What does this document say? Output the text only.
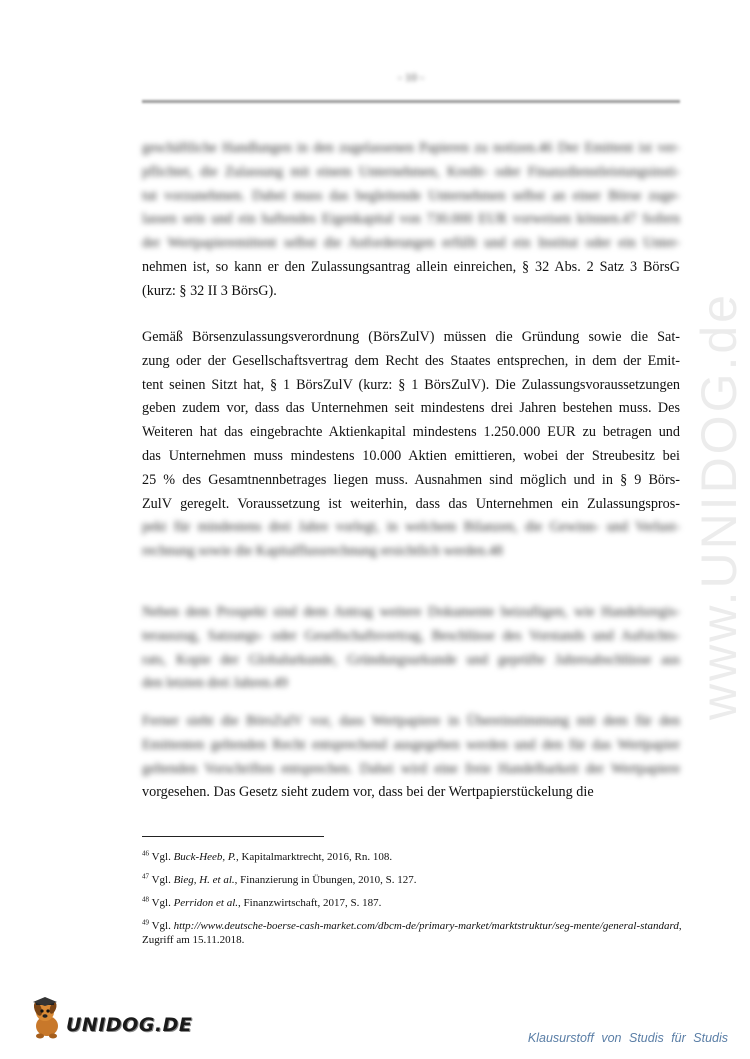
- 10 -
www.UNIDOG.de
geschäftliche Handlungen in den zugelassenen Papieren zu notizen.46 Der Emittent ist ver-
pflichtet, die Zulassung mit einem Unternehmen, Kredit- oder Finanzdienstleistungsinsti-
tut vorzunehmen. Dabei muss das begleitende Unternehmen selbst an einer Börse zuge-
lassen sein und ein haftendes Eigenkapital von 730.000 EUR vorweisen können.47 Sofern
der Wertpapieremittent selbst die Anforderungen erfüllt und ein Institut oder ein Unter-
nehmen ist, so kann er den Zulassungsantrag allein einreichen, § 32 Abs. 2 Satz 3 BörsG
(kurz: § 32 II 3 BörsG).
Gemäß Börsenzulassungsverordnung (BörsZulV) müssen die Gründung sowie die Sat-
zung oder der Gesellschaftsvertrag dem Recht des Staates entsprechen, in dem der Emit-
tent seinen Sitzt hat, § 1 BörsZulV (kurz: § 1 BörsZulV). Die Zulassungsvoraussetzungen
geben zudem vor, dass das Unternehmen seit mindestens drei Jahren bestehen muss. Des
Weiteren hat das eingebrachte Aktienkapital mindestens 1.250.000 EUR zu betragen und
das Unternehmen muss mindestens 10.000 Aktien emittieren, wobei der Streubesitz bei
25 % des Gesamtnennbetrages liegen muss. Ausnahmen sind möglich und in § 9 Börs-
ZulV geregelt. Voraussetzung ist weiterhin, dass das Unternehmen ein Zulassungspros-
pekt für mindestens drei Jahre vorlegt, in welchem Bilanzen, die Gewinn- und Verlust-
rechnung sowie die Kapitalflussrechnung ersichtlich werden.48
Neben dem Prospekt sind dem Antrag weitere Dokumente beizufügen, wie Handelsregis-
terauszug, Satzungs- oder Gesellschaftsvertrag, Beschlüsse des Vorstands und Aufsichts-
rats, Kopie der Globalurkunde, Gründungsurkunde und geprüfte Jahresabschlüsse aus
den letzten drei Jahren.49
Ferner sieht die BörsZulV vor, dass Wertpapiere in Übereinstimmung mit dem für den
Emittenten geltenden Recht entsprechend ausgegeben werden und den für das Wertpapier
geltenden Vorschriften entsprechen. Dabei wird eine freie Handelbarkeit der Wertpapiere
vorgesehen. Das Gesetz sieht zudem vor, dass bei der Wertpapierstückelung die

$^{46}$ Vgl. Buck-Heeb, P., Kapitalmarktrecht, 2016, Rn. 108.

$^{47}$ Vgl. Bieg, H. et al., Finanzierung in Übungen, 2010, S. 127.

$^{48}$ Vgl. Perridon et al., Finanzwirtschaft, 2017, S. 187.

$^{49}$ Vgl. http://www.deutsche-boerse-cash-market.com/dbcm-de/primary-market/marktstruktur/seg-mente/general-standard, Zugriff am 15.11.2018.

UNIDOG.DE
Klausurstoff von Studis für Studis
